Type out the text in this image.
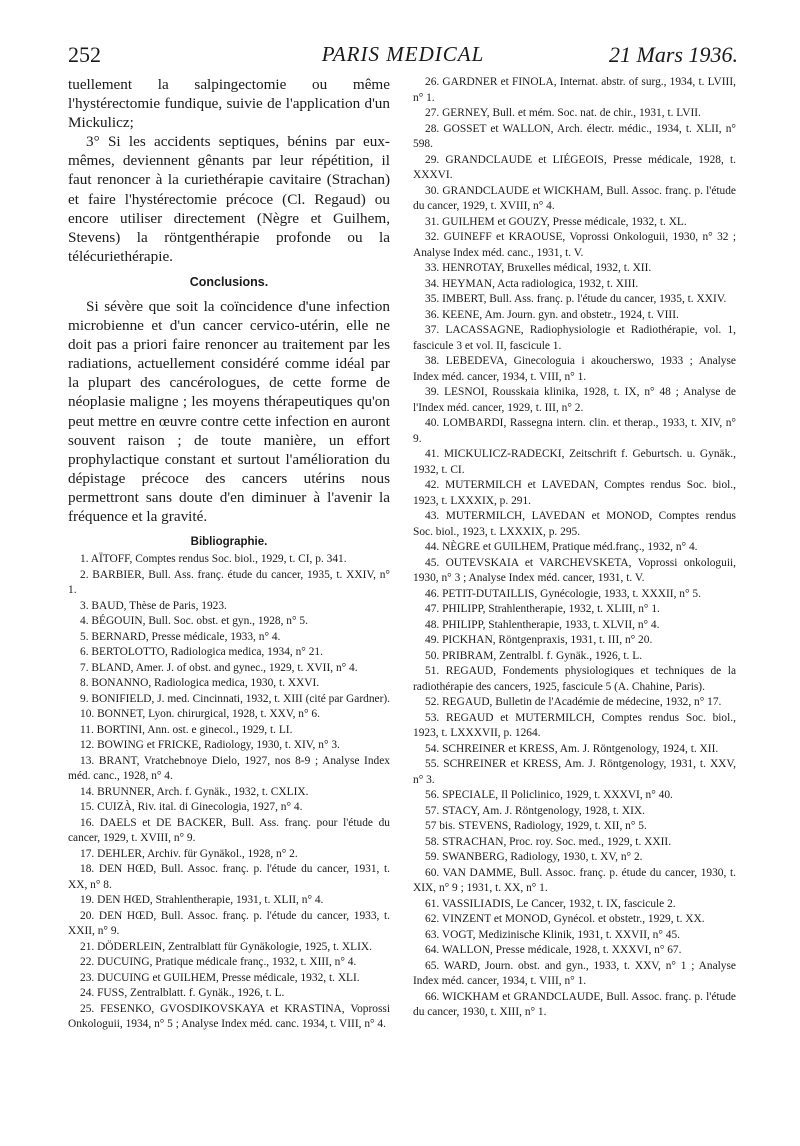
252	PARIS MEDICAL	21 Mars 1936.

tuellement la salpingectomie ou même l'hystérectomie fundique, suivie de l'application d'un Mickulicz;

3° Si les accidents septiques, bénins par eux-mêmes, deviennent gênants par leur répétition, il faut renoncer à la curiethérapie cavitaire (Strachan) et faire l'hystérectomie précoce (Cl. Regaud) ou encore utiliser directement (Nègre et Guilhem, Stevens) la röntgenthérapie profonde ou la télécuriethérapie.

Conclusions.

Si sévère que soit la coïncidence d'une infection microbienne et d'un cancer cervico-utérin, elle ne doit pas a priori faire renoncer au traitement par les radiations, actuellement considéré comme idéal par la plupart des cancérologues, de cette forme de néoplasie maligne ; les moyens thérapeutiques qu'on peut mettre en œuvre contre cette infection en auront souvent raison ; de toute manière, un effort prophylactique constant et surtout l'amélioration du dépistage précoce des cancers utérins nous permettront sans doute d'en diminuer à l'avenir la fréquence et la gravité.

Bibliographie.

1. AÏTOFF, Comptes rendus Soc. biol., 1929, t. CI, p. 341.

2. BARBIER, Bull. Ass. franç. étude du cancer, 1935, t. XXIV, n° 1.

3. BAUD, Thèse de Paris, 1923.

4. BÉGOUIN, Bull. Soc. obst. et gyn., 1928, n° 5.

5. BERNARD, Presse médicale, 1933, n° 4.

6. BERTOLOTTO, Radiologica medica, 1934, n° 21.

7. BLAND, Amer. J. of obst. and gynec., 1929, t. XVII, n° 4.

8. BONANNO, Radiologica medica, 1930, t. XXVI.

9. BONIFIELD, J. med. Cincinnati, 1932, t. XIII (cité par Gardner).

10. BONNET, Lyon. chirurgical, 1928, t. XXV, n° 6.

11. BORTINI, Ann. ost. e ginecol., 1929, t. LI.

12. BOWING et FRICKE, Radiology, 1930, t. XIV, n° 3.

13. BRANT, Vratchebnoye Dielo, 1927, nos 8-9 ; Analyse Index méd. canc., 1928, n° 4.

14. BRUNNER, Arch. f. Gynäk., 1932, t. CXLIX.

15. CUIZÀ, Riv. ital. di Ginecologia, 1927, n° 4.

16. DAELS et DE BACKER, Bull. Ass. franç. pour l'étude du cancer, 1929, t. XVIII, n° 9.

17. DEHLER, Archiv. für Gynäkol., 1928, n° 2.

18. DEN HŒD, Bull. Assoc. franç. p. l'étude du cancer, 1931, t. XX, n° 8.

19. DEN HŒD, Strahlentherapie, 1931, t. XLII, n° 4.

20. DEN HŒD, Bull. Assoc. franç. p. l'étude du cancer, 1933, t. XXII, n° 9.

21. DÖDERLEIN, Zentralblatt für Gynäkologie, 1925, t. XLIX.

22. DUCUING, Pratique médicale franç., 1932, t. XIII, n° 4.

23. DUCUING et GUILHEM, Presse médicale, 1932, t. XLI.

24. FUSS, Zentralblatt. f. Gynäk., 1926, t. L.

25. FESENKO, GVOSDIKOVSKAYA et KRASTINA, Voprossi Onkologuii, 1934, n° 5 ; Analyse Index méd. canc. 1934, t. VIII, n° 4.

26. GARDNER et FINOLA, Internat. abstr. of surg., 1934, t. LVIII, n° 1.

27. GERNEY, Bull. et mém. Soc. nat. de chir., 1931, t. LVII.

28. GOSSET et WALLON, Arch. électr. médic., 1934, t. XLII, n° 598.

29. GRANDCLAUDE et LIÉGEOIS, Presse médicale, 1928, t. XXXVI.

30. GRANDCLAUDE et WICKHAM, Bull. Assoc. franç. p. l'étude du cancer, 1929, t. XVIII, n° 4.

31. GUILHEM et GOUZY, Presse médicale, 1932, t. XL.

32. GUINEFF et KRAOUSE, Voprossi Onkologuii, 1930, n° 32 ; Analyse Index méd. canc., 1931, t. V.

33. HENROTAY, Bruxelles médical, 1932, t. XII.

34. HEYMAN, Acta radiologica, 1932, t. XIII.

35. IMBERT, Bull. Ass. franç. p. l'étude du cancer, 1935, t. XXIV.

36. KEENE, Am. Journ. gyn. and obstetr., 1924, t. VIII.

37. LACASSAGNE, Radiophysiologie et Radiothérapie, vol. 1, fascicule 3 et vol. II, fascicule 1.

38. LEBEDEVA, Ginecologuia i akoucherswo, 1933 ; Analyse Index méd. cancer, 1934, t. VIII, n° 1.

39. LESNOI, Rousskaia klinika, 1928, t. IX, n° 48 ; Analyse de l'Index méd. cancer, 1929, t. III, n° 2.

40. LOMBARDI, Rassegna intern. clin. et therap., 1933, t. XIV, n° 9.

41. MICKULICZ-RADECKI, Zeitschrift f. Geburtsch. u. Gynäk., 1932, t. CI.

42. MUTERMILCH et LAVEDAN, Comptes rendus Soc. biol., 1923, t. LXXXIX, p. 291.

43. MUTERMILCH, LAVEDAN et MONOD, Comptes rendus Soc. biol., 1923, t. LXXXIX, p. 295.

44. NÈGRE et GUILHEM, Pratique méd.franç., 1932, n° 4.

45. OUTEVSKAIA et VARCHEVSKETA, Voprossi onkologuii, 1930, n° 3 ; Analyse Index méd. cancer, 1931, t. V.

46. PETIT-DUTAILLIS, Gynécologie, 1933, t. XXXII, n° 5.

47. PHILIPP, Strahlentherapie, 1932, t. XLIII, n° 1.

48. PHILIPP, Stahlentherapie, 1933, t. XLVII, n° 4.

49. PICKHAN, Röntgenpraxis, 1931, t. III, n° 20.

50. PRIBRAM, Zentralbl. f. Gynäk., 1926, t. L.

51. REGAUD, Fondements physiologiques et techniques de la radiothérapie des cancers, 1925, fascicule 5 (A. Chahine, Paris).

52. REGAUD, Bulletin de l'Académie de médecine, 1932, n° 17.

53. REGAUD et MUTERMILCH, Comptes rendus Soc. biol., 1923, t. LXXXVII, p. 1264.

54. SCHREINER et KRESS, Am. J. Röntgenology, 1924, t. XII.

55. SCHREINER et KRESS, Am. J. Röntgenology, 1931, t. XXV, n° 3.

56. SPECIALE, Il Policlinico, 1929, t. XXXVI, n° 40.

57. STACY, Am. J. Röntgenology, 1928, t. XIX.

57 bis. STEVENS, Radiology, 1929, t. XII, n° 5.

58. STRACHAN, Proc. roy. Soc. med., 1929, t. XXII.

59. SWANBERG, Radiology, 1930, t. XV, n° 2.

60. VAN DAMME, Bull. Assoc. franç. p. étude du cancer, 1930, t. XIX, n° 9 ; 1931, t. XX, n° 1.

61. VASSILIADIS, Le Cancer, 1932, t. IX, fascicule 2.

62. VINZENT et MONOD, Gynécol. et obstetr., 1929, t. XX.

63. VOGT, Medizinische Klinik, 1931, t. XXVII, n° 45.

64. WALLON, Presse médicale, 1928, t. XXXVI, n° 67.

65. WARD, Journ. obst. and gyn., 1933, t. XXV, n° 1 ; Analyse Index méd. cancer, 1934, t. VIII, n° 1.

66. WICKHAM et GRANDCLAUDE, Bull. Assoc. franç. p. l'étude du cancer, 1930, t. XIII, n° 1.
